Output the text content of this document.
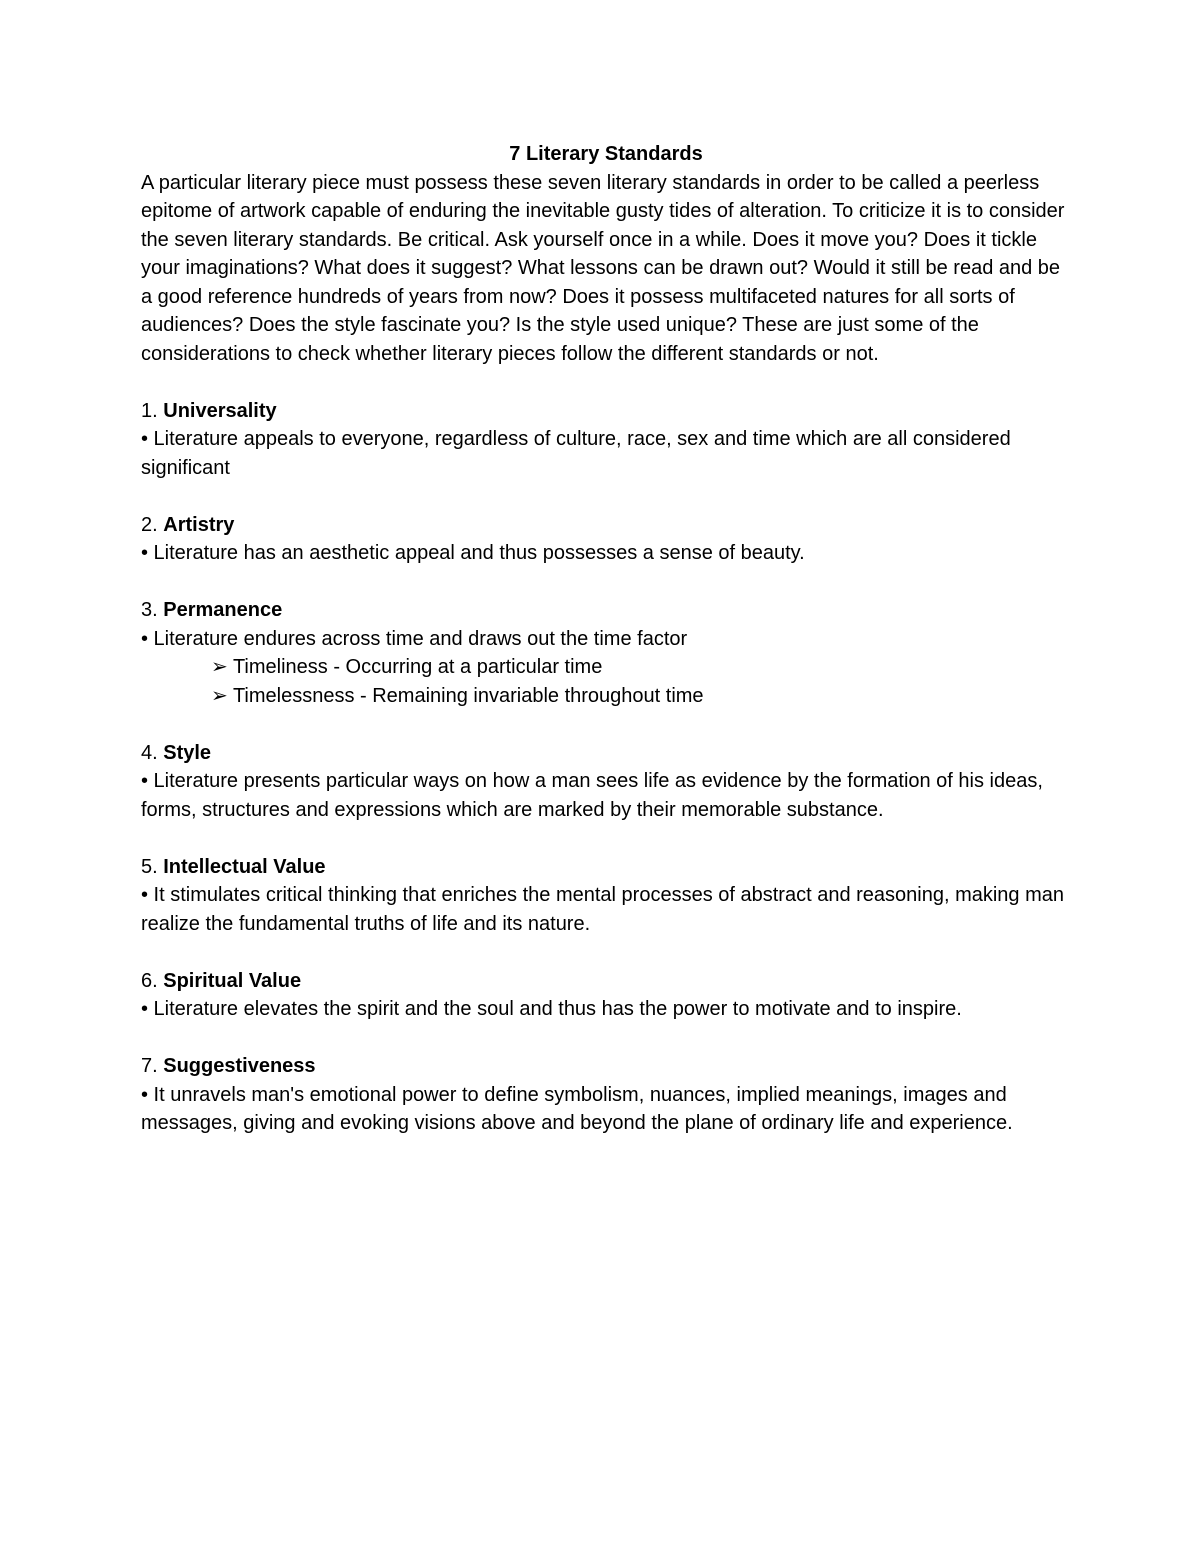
7 Literary Standards

A particular literary piece must possess these seven literary standards in order to be called a peerless epitome of artwork capable of enduring the inevitable gusty tides of alteration. To criticize it is to consider the seven literary standards. Be critical. Ask yourself once in a while. Does it move you? Does it tickle your imaginations? What does it suggest? What lessons can be drawn out? Would it still be read and be a good reference hundreds of years from now? Does it possess multifaceted natures for all sorts of audiences? Does the style fascinate you? Is the style used unique? These are just some of the considerations to check whether literary pieces follow the different standards or not.

1. Universality

• Literature appeals to everyone, regardless of culture, race, sex and time which are all considered significant

2. Artistry

• Literature has an aesthetic appeal and thus possesses a sense of beauty.

3. Permanence

• Literature endures across time and draws out the time factor

➢ Timeliness - Occurring at a particular time

➢ Timelessness - Remaining invariable throughout time

4. Style

• Literature presents particular ways on how a man sees life as evidence by the formation of his ideas, forms, structures and expressions which are marked by their memorable substance.

5. Intellectual Value

• It stimulates critical thinking that enriches the mental processes of abstract and reasoning, making man realize the fundamental truths of life and its nature.

6. Spiritual Value

• Literature elevates the spirit and the soul and thus has the power to motivate and to inspire.

7. Suggestiveness

• It unravels man's emotional power to define symbolism, nuances, implied meanings, images and messages, giving and evoking visions above and beyond the plane of ordinary life and experience.
